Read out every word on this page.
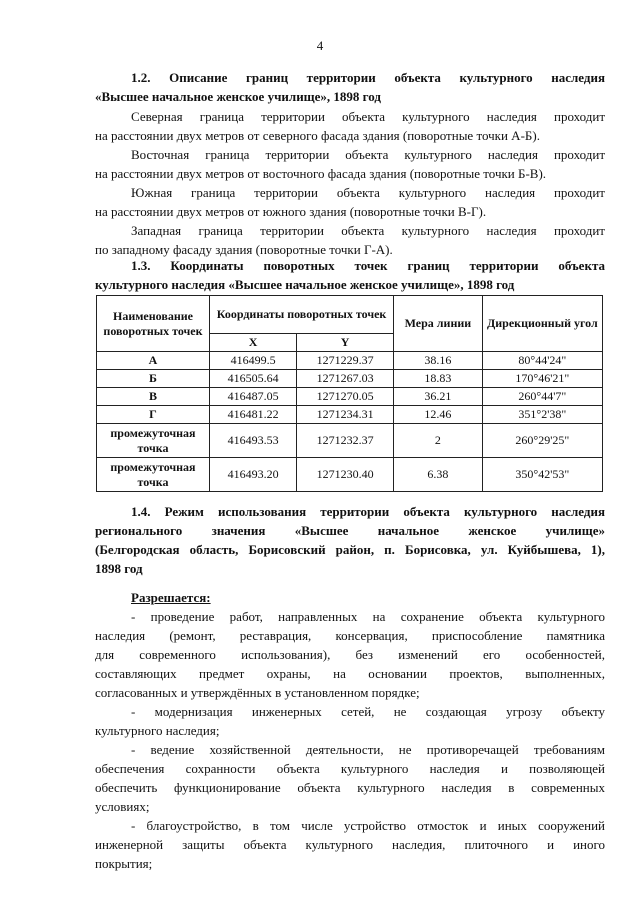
4
1.2. Описание границ территории объекта культурного наследия
«Высшее начальное женское училище», 1898 год
Северная граница территории объекта культурного наследия проходит
на расстоянии двух метров от северного фасада здания (поворотные точки А-Б).
Восточная граница территории объекта культурного наследия проходит
на расстоянии двух метров от восточного фасада здания (поворотные точки Б-В).
Южная граница территории объекта культурного наследия проходит
на расстоянии двух метров от южного здания (поворотные точки В-Г).
Западная граница территории объекта культурного наследия проходит
по западному фасаду здания (поворотные точки Г-А).
1.3. Координаты поворотных точек границ территории объекта
культурного наследия «Высшее начальное женское училище», 1898 год
Наименование поворотных точек	Координаты поворотных точек		Мера линии	Дирекционный угол
	X	Y		
А	416499.5	1271229.37	38.16	80°44'24"
Б	416505.64	1271267.03	18.83	170°46'21"
В	416487.05	1271270.05	36.21	260°44'7"
Г	416481.22	1271234.31	12.46	351°2'38"
промежуточная точка	416493.53	1271232.37	2	260°29'25"
промежуточная точка	416493.20	1271230.40	6.38	350°42'53"
1.4. Режим использования территории объекта культурного наследия
регионального значения «Высшее начальное женское училище»
(Белгородская область, Борисовский район, п. Борисовка, ул. Куйбышева, 1),
1898 год
Разрешается:
- проведение работ, направленных на сохранение объекта культурного
наследия (ремонт, реставрация, консервация, приспособление памятника
для современного использования), без изменений его особенностей,
составляющих предмет охраны, на основании проектов, выполненных,
согласованных и утверждённых в установленном порядке;
- модернизация инженерных сетей, не создающая угрозу объекту
культурного наследия;
- ведение хозяйственной деятельности, не противоречащей требованиям
обеспечения сохранности объекта культурного наследия и позволяющей
обеспечить функционирование объекта культурного наследия в современных
условиях;
- благоустройство, в том числе устройство отмосток и иных сооружений
инженерной защиты объекта культурного наследия, плиточного и иного
покрытия;
